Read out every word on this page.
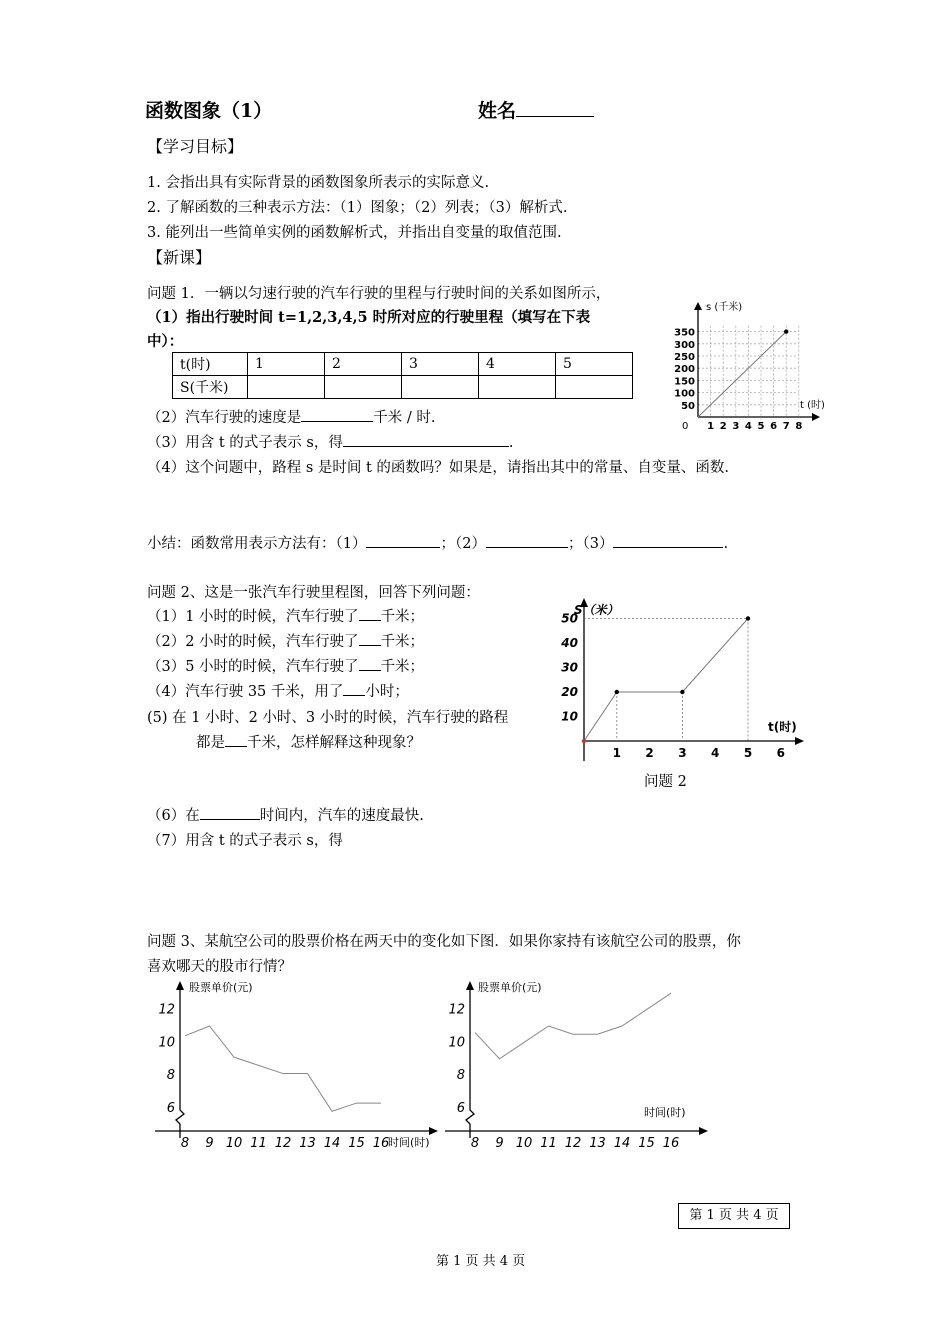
函数图象（1）	姓名
【学习目标】
1. 会指出具有实际背景的函数图象所表示的实际意义.
2. 了解函数的三种表示方法：（1）图象；（2）列表；（3）解析式.
3. 能列出一些简单实例的函数解析式，并指出自变量的取值范围.
【新课】
问题 1．一辆以匀速行驶的汽车行驶的里程与行驶时间的关系如图所示，
（1）指出行驶时间 t=1,2,3,4,5 时所对应的行驶里程（填写在下表
中）：
t(时)	1	2	3	4	5
S(千米)					
（2）汽车行驶的速度是	千米 / 时.
（3）用含 t 的式子表示 s，得	.
（4）这个问题中，路程 s 是时间 t 的函数吗？如果是，请指出其中的常量、自变量、函数.
1 2 3 4 5 6 7 8
50
100
150
200
250
300
350
s (千米)
t (时)
0
小结：函数常用表示方法有：（1）	；（2）	；（3）	.
问题 2、这是一张汽车行驶里程图，回答下列问题：
（1）1 小时的时候，汽车行驶了 千米；
（2）2 小时的时候，汽车行驶了 千米；
（3）5 小时的时候，汽车行驶了 千米；
（4）汽车行驶 35 千米，用了 小时；
(5) 在 1 小时、2 小时、3 小时的时候，汽车行驶的路程
都是 千米，怎样解释这种现象？
（6）在	时间内，汽车的速度最快.
（7）用含 t 的式子表示 s，得
1 2 3 4 5 6
10
20
30
40
50
S（米）
t(时)
问题 2
问题 3、某航空公司的股票价格在两天中的变化如下图．如果你家持有该航空公司的股票，你
喜欢哪天的股市行情？
8 9 10 11 12 13 14 15 16
6
8
10
12
股票单价(元)
时间(时)	8 9 10 11 12 13 14 15 16
6
8
10
12
股票单价(元)
时间(时)
第 1 页 共 4 页
第 1 页 共 4 页
